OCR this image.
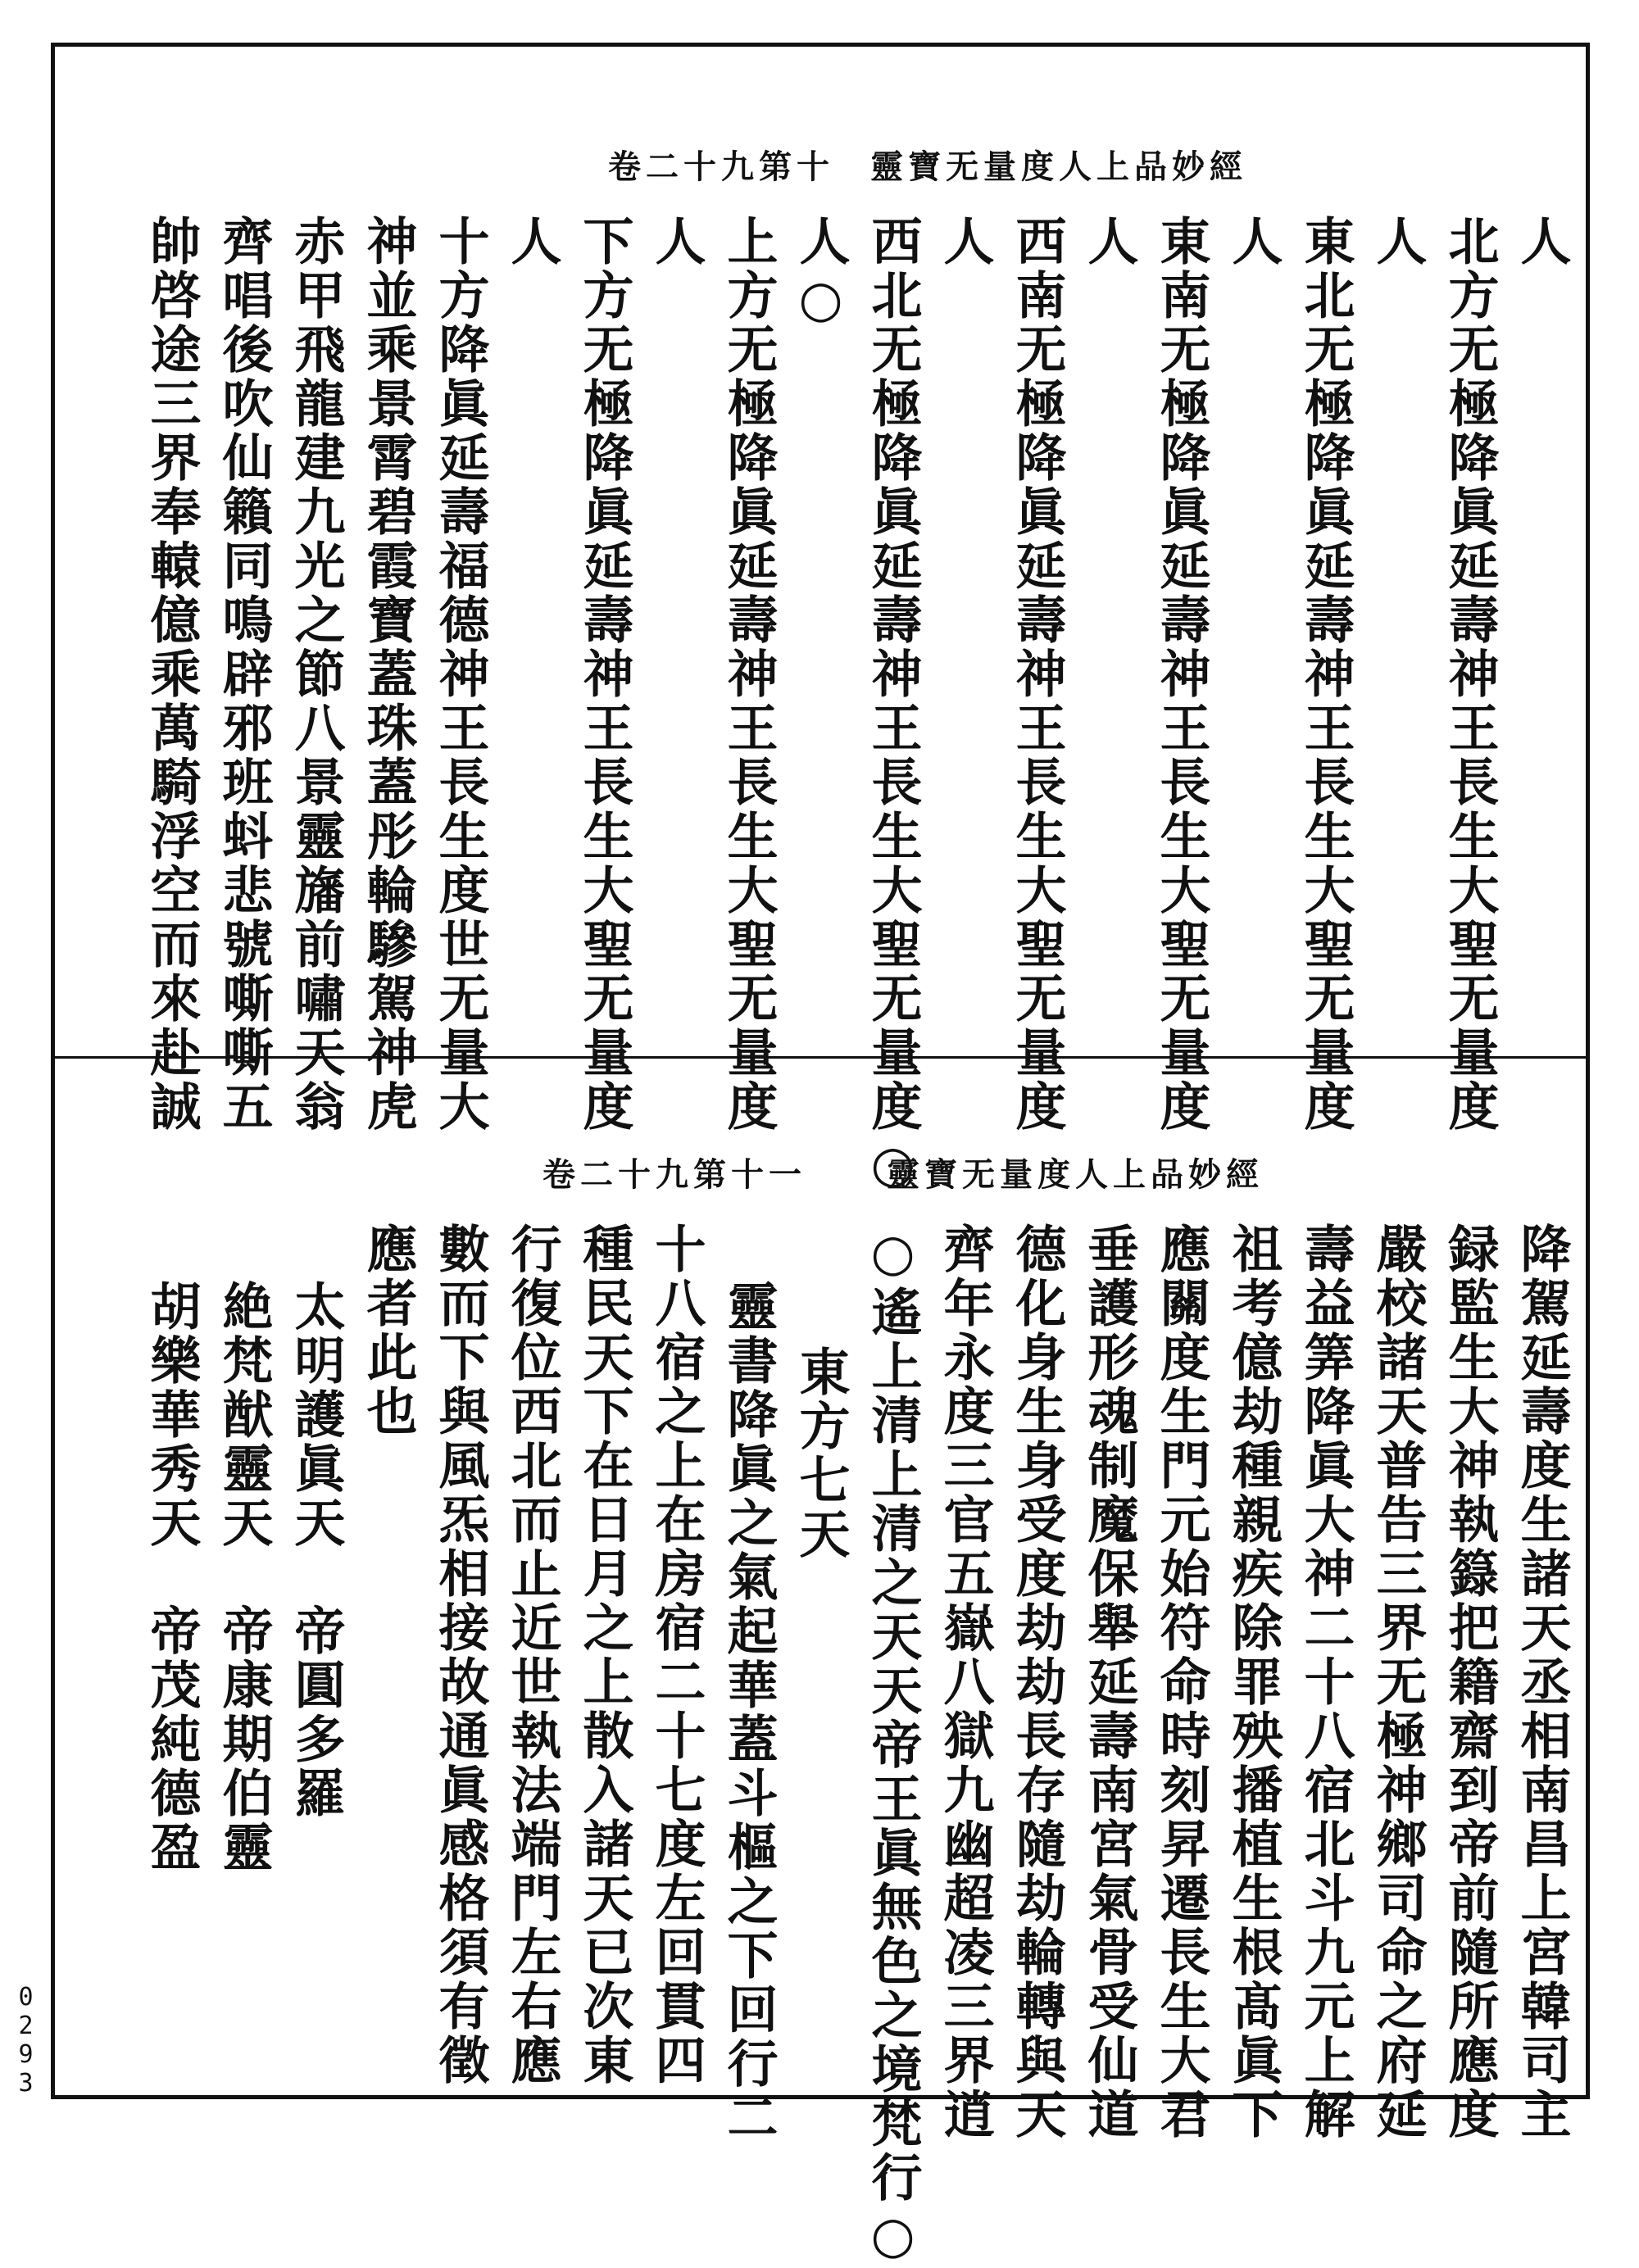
靈寶无量度人上品妙經
卷二十九第十
人
北方无極降眞延壽神王長生大聖无量度
人
東北无極降眞延壽神王長生大聖无量度
人
東南无極降眞延壽神王長生大聖无量度
人
西南无極降眞延壽神王長生大聖无量度
人
西北无極降眞延壽神王長生大聖无量度○
人○
上方无極降眞延壽神王長生大聖无量度
人
下方无極降眞延壽神王長生大聖无量度
人
十方降眞延壽福德神王長生度世无量大
神並乘景霄碧霞寶蓋珠蓋彤輪驂駕神虎
赤甲飛龍建九光之節八景靈旛前嘯天翁
齊唱後吹仙籟同鳴辟邪班蚪悲號嘶嘶五
帥啓途三界奉轅億乘萬騎浮空而來赴誠
靈寶无量度人上品妙經
卷二十九第十一
降駕延壽度生諸天丞相南昌上宮韓司主
録監生大神執籙把籍齋到帝前隨所應度
嚴校諸天普告三界无極神鄉司命之府延
壽益筭降眞大神二十八宿北斗九元上解
祖考億劫種親疾除罪殃播植生根髙眞下
應關度生門元始符命時刻昇遷長生大君
垂護形魂制魔保舉延壽南宮氣骨受仙道
德化身生身受度劫劫長存隨劫輪轉與天
齊年永度三官五嶽八獄九幽超凌三界逍
○遙上清上清之天天帝王眞無色之境梵行○
東方七天
靈書降眞之氣起華蓋斗樞之下回行二
十八宿之上在房宿二十七度左回貫四
種民天下在日月之上散入諸天已次東
行復位西北而止近世執法端門左右應
數而下與風炁相接故通眞感格須有徵
應者此也
太明護眞天　帝圓多羅
絶梵猷靈天　帝康期伯靈
胡樂華秀天　帝茂純德盈
0293
